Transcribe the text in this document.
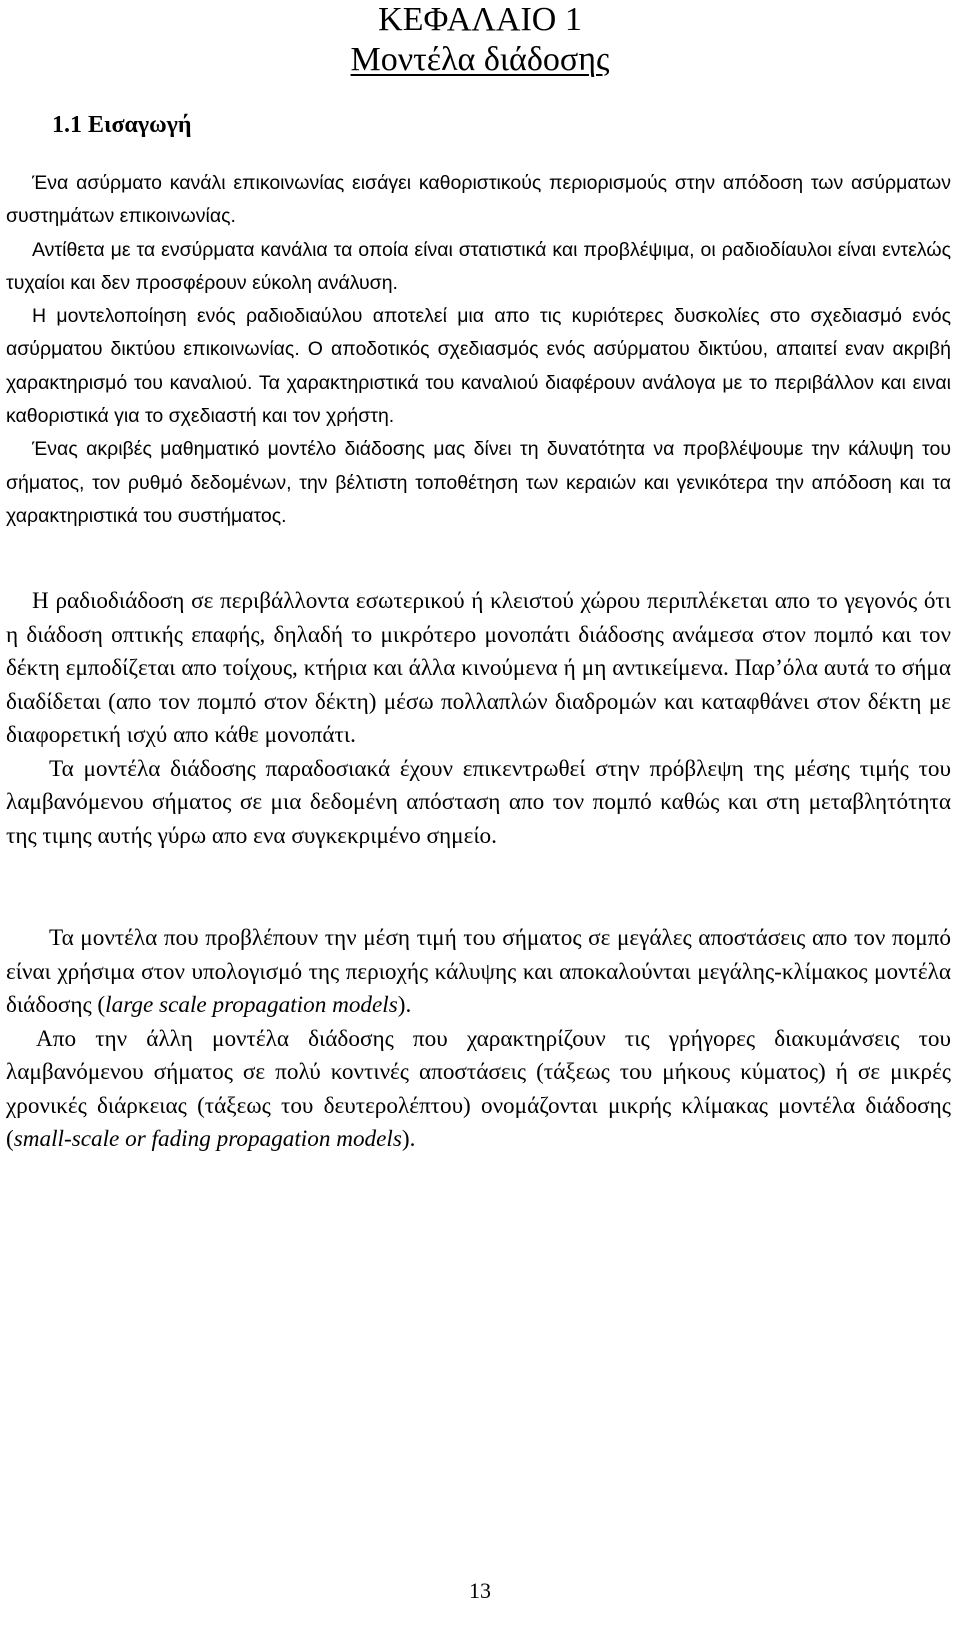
ΚΕΦΑΛΑΙΟ 1
Μοντέλα διάδοσης
1.1 Εισαγωγή

Ένα ασύρματο κανάλι επικοινωνίας εισάγει καθοριστικούς περιορισμούς στην απόδοση των ασύρματων συστημάτων επικοινωνίας.

Αντίθετα με τα ενσύρματα κανάλια τα οποία είναι στατιστικά και προβλέψιμα, οι ραδιοδίαυλοι είναι εντελώς τυχαίοι και δεν προσφέρουν εύκολη ανάλυση.

Η μοντελοποίηση ενός ραδιοδιαύλου αποτελεί μια απο τις κυριότερες δυσκολίες στο σχεδιασμό ενός ασύρματου δικτύου επικοινωνίας. Ο αποδοτικός σχεδιασμός ενός ασύρματου δικτύου, απαιτεί εναν ακριβή χαρακτηρισμό του καναλιού. Τα χαρακτηριστικά του καναλιού διαφέρουν ανάλογα με το περιβάλλον και ειναι καθοριστικά για το σχεδιαστή και τον χρήστη.

Ένας ακριβές μαθηματικό μοντέλο διάδοσης μας δίνει τη δυνατότητα να προβλέψουμε την κάλυψη του σήματος, τον ρυθμό δεδομένων, την βέλτιστη τοποθέτηση των κεραιών και γενικότερα την απόδοση και τα χαρακτηριστικά του συστήματος.

Η ραδιοδιάδοση σε περιβάλλοντα εσωτερικού ή κλειστού χώρου περιπλέκεται απο το γεγονός ότι η διάδοση οπτικής επαφής, δηλαδή το μικρότερο μονοπάτι διάδοσης ανάμεσα στον πομπό και τον δέκτη εμποδίζεται απο τοίχους, κτήρια και άλλα κινούμενα ή μη αντικείμενα. Παρ’όλα αυτά το σήμα διαδίδεται (απο τον πομπό στον δέκτη) μέσω πολλαπλών διαδρομών και καταφθάνει στον δέκτη με διαφορετική ισχύ απο κάθε μονοπάτι.

Τα μοντέλα διάδοσης παραδοσιακά έχουν επικεντρωθεί στην πρόβλεψη της μέσης τιμής του λαμβανόμενου σήματος σε μια δεδομένη απόσταση απο τον πομπό καθώς και στη μεταβλητότητα της τιμης αυτής γύρω απο ενα συγκεκριμένο σημείο.

Τα μοντέλα που προβλέπουν την μέση τιμή του σήματος σε μεγάλες αποστάσεις απο τον πομπό είναι χρήσιμα στον υπολογισμό της περιοχής κάλυψης και αποκαλούνται μεγάλης-κλίμακος μοντέλα διάδοσης (large scale propagation models).

Απο την άλλη μοντέλα διάδοσης που χαρακτηρίζουν τις γρήγορες διακυμάνσεις του λαμβανόμενου σήματος σε πολύ κοντινές αποστάσεις (τάξεως του μήκους κύματος) ή σε μικρές χρονικές διάρκειας (τάξεως του δευτερολέπτου) ονομάζονται μικρής κλίμακας μοντέλα διάδοσης (small-scale or fading propagation models).

13
